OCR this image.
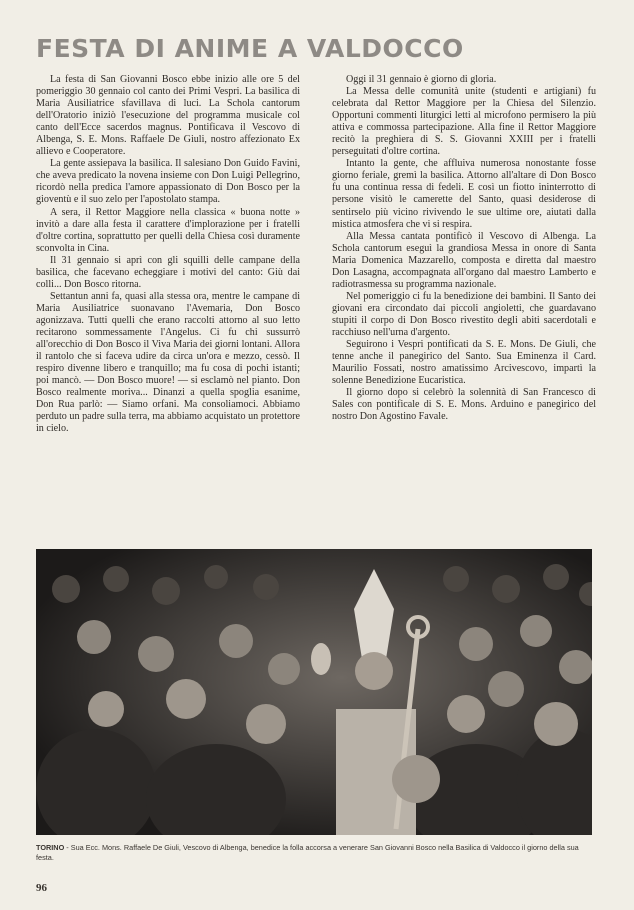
FESTA DI ANIME A VALDOCCO

La festa di San Giovanni Bosco ebbe inizio alle ore 5 del pomeriggio 30 gennaio col canto dei Primi Vespri. La basilica di Maria Ausiliatrice sfavillava di luci. La Schola cantorum dell'Oratorio iniziò l'esecuzione del programma musicale col canto dell'Ecce sacerdos magnus. Pontificava il Vescovo di Albenga, S. E. Mons. Raffaele De Giuli, nostro affezionato Ex allievo e Cooperatore.

La gente assiepava la basilica. Il salesiano Don Guido Favini, che aveva predicato la novena insieme con Don Luigi Pellegrino, ricordò nella predica l'amore appassionato di Don Bosco per la gioventù e il suo zelo per l'apostolato stampa.

A sera, il Rettor Maggiore nella classica « buona notte » invitò a dare alla festa il carattere d'implorazione per i fratelli d'oltre cortina, soprattutto per quelli della Chiesa così duramente sconvolta in Cina.

Il 31 gennaio si aprì con gli squilli delle campane della basilica, che facevano echeggiare i motivi del canto: Giù dai colli... Don Bosco ritorna.

Settantun anni fa, quasi alla stessa ora, mentre le campane di Maria Ausiliatrice suonavano l'Avemaria, Don Bosco agonizzava. Tutti quelli che erano raccolti attorno al suo letto recitarono sommessamente l'Angelus. Ci fu chi sussurrò all'orecchio di Don Bosco il Viva Maria dei giorni lontani. Allora il rantolo che si faceva udire da circa un'ora e mezzo, cessò. Il respiro divenne libero e tranquillo; ma fu cosa di pochi istanti; poi mancò. — Don Bosco muore! — si esclamò nel pianto. Don Bosco realmente moriva... Dinanzi a quella spoglia esanime, Don Rua parlò: — Siamo orfani. Ma consoliamoci. Abbiamo perduto un padre sulla terra, ma abbiamo acquistato un protettore in cielo.

Oggi il 31 gennaio è giorno di gloria.

La Messa delle comunità unite (studenti e artigiani) fu celebrata dal Rettor Maggiore per la Chiesa del Silenzio. Opportuni commenti liturgici letti al microfono permisero la più attiva e commossa partecipazione. Alla fine il Rettor Maggiore recitò la preghiera di S. S. Giovanni XXIII per i fratelli perseguitati d'oltre cortina.

Intanto la gente, che affluiva numerosa nonostante fosse giorno feriale, gremì la basilica. Attorno all'altare di Don Bosco fu una continua ressa di fedeli. E così un fiotto ininterrotto di persone visitò le camerette del Santo, quasi desiderose di sentirselo più vicino rivivendo le sue ultime ore, aiutati dalla mistica atmosfera che vi si respira.

Alla Messa cantata pontificò il Vescovo di Albenga. La Schola cantorum eseguì la grandiosa Messa in onore di Santa Maria Domenica Mazzarello, composta e diretta dal maestro Don Lasagna, accompagnata all'organo dal maestro Lamberto e radiotrasmessa su programma nazionale.

Nel pomeriggio ci fu la benedizione dei bambini. Il Santo dei giovani era circondato dai piccoli angioletti, che guardavano stupiti il corpo di Don Bosco rivestito degli abiti sacerdotali e racchiuso nell'urna d'argento.

Seguirono i Vespri pontificati da S. E. Mons. De Giuli, che tenne anche il panegirico del Santo. Sua Eminenza il Card. Maurilio Fossati, nostro amatissimo Arcivescovo, impartì la solenne Benedizione Eucaristica.

Il giorno dopo si celebrò la solennità di San Francesco di Sales con pontificale di S. E. Mons. Arduino e panegirico del nostro Don Agostino Favale.

TORINO - Sua Ecc. Mons. Raffaele De Giuli, Vescovo di Albenga, benedice la folla accorsa a venerare San Giovanni Bosco nella Basilica di Valdocco il giorno della sua festa.
96
